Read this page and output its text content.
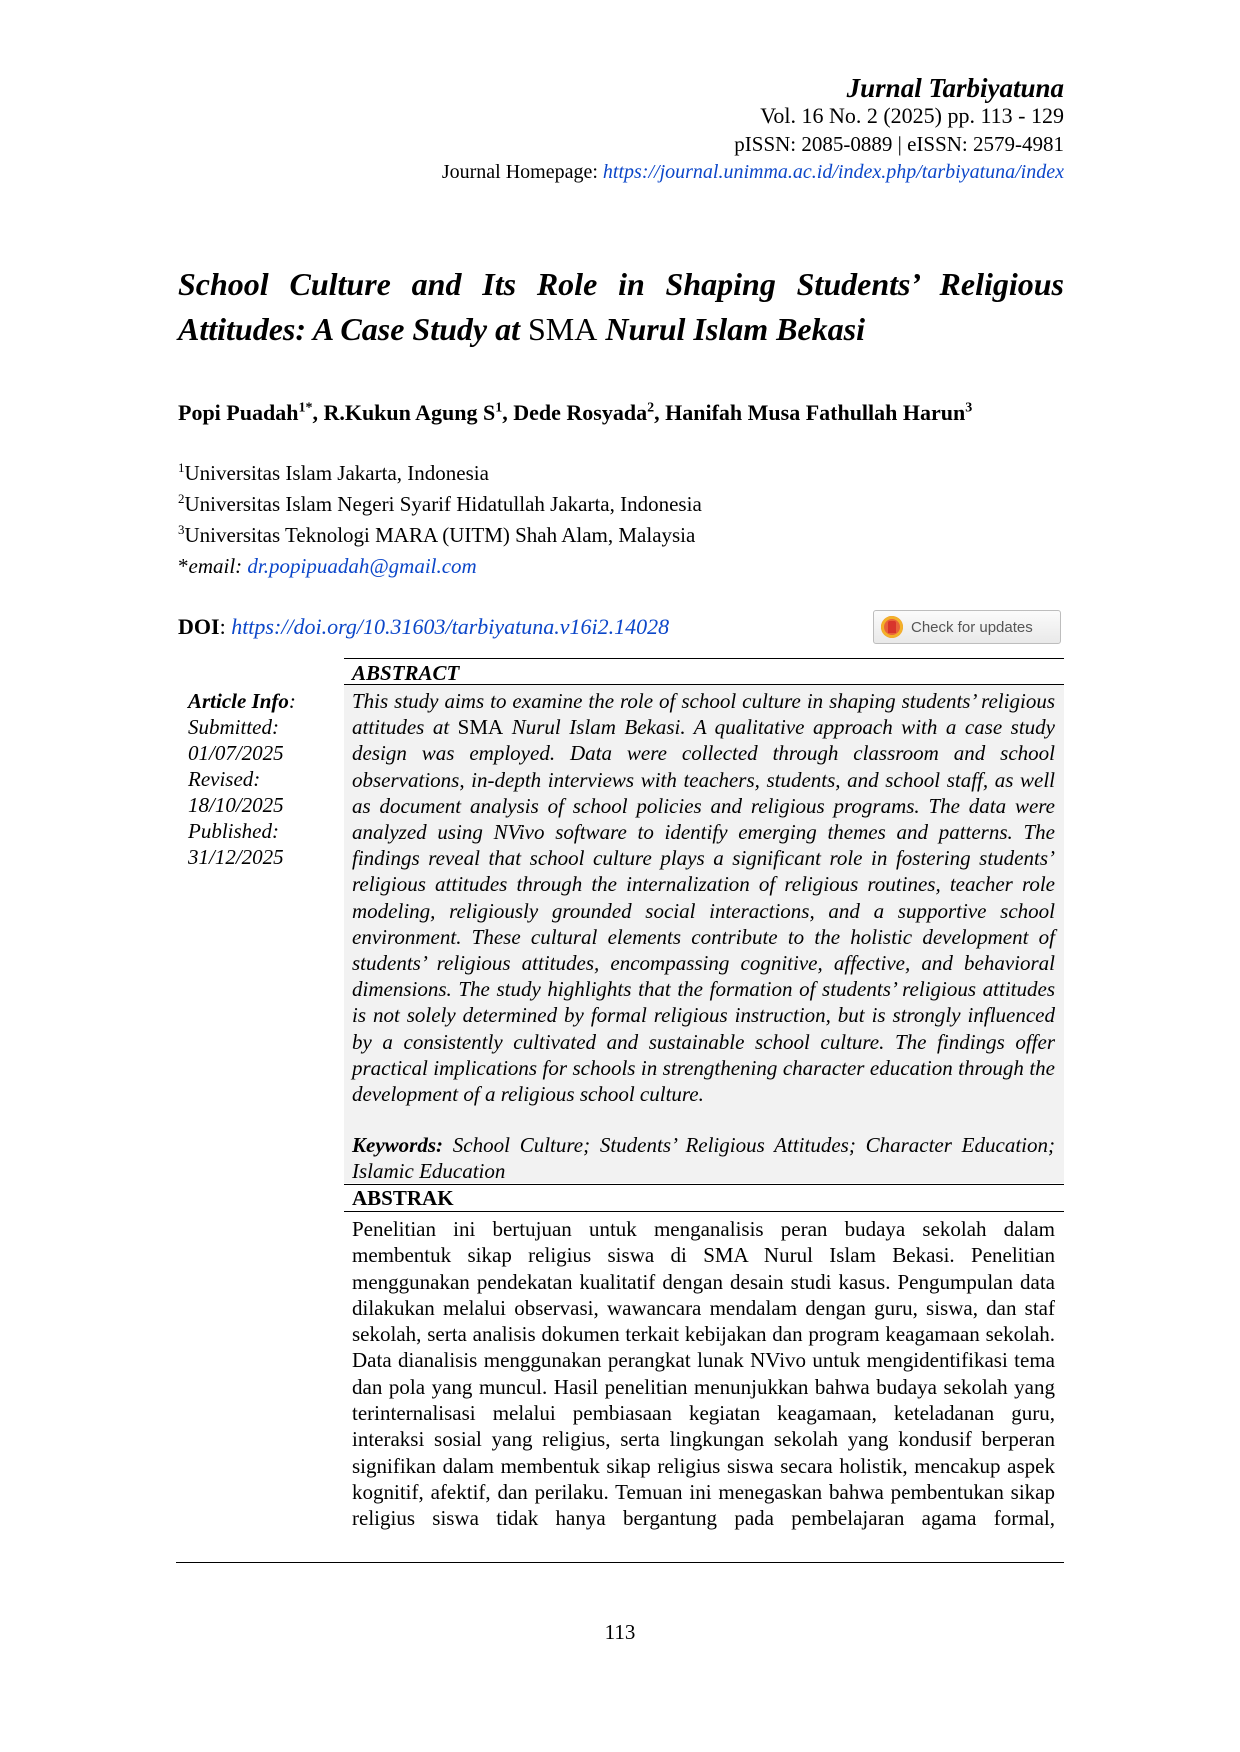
Jurnal Tarbiyatuna
Vol. 16 No. 2 (2025) pp. 113 - 129
pISSN: 2085-0889 | eISSN: 2579-4981
Journal Homepage: https://journal.unimma.ac.id/index.php/tarbiyatuna/index
School Culture and Its Role in Shaping Students’ Religious Attitudes: A Case Study at SMA Nurul Islam Bekasi
Popi Puadah$^{1*}$, R.Kukun Agung $S^1$, Dede Rosyada$^2$, Hanifah Musa Fathullah Harun$^3$
$^1$Universitas Islam Jakarta, Indonesia
$^2$Universitas Islam Negeri Syarif Hidatullah Jakarta, Indonesia
$^3$Universitas Teknologi MARA (UITM) Shah Alam, Malaysia
*email: dr.popipuadah@gmail.com
DOI: https://doi.org/10.31603/tarbiyatuna.v16i2.14028	Check for updates
Article Info:
Submitted:
01/07/2025
Revised:
18/10/2025
Published:
31/12/2025
ABSTRACT
This study aims to examine the role of school culture in shaping students’ religious attitudes at SMA Nurul Islam Bekasi. A qualitative approach with a case study design was employed. Data were collected through classroom and school observations, in-depth interviews with teachers, students, and school staff, as well as document analysis of school policies and religious programs. The data were analyzed using NVivo software to identify emerging themes and patterns. The findings reveal that school culture plays a significant role in fostering students’ religious attitudes through the internalization of religious routines, teacher role modeling, religiously grounded social interactions, and a supportive school environment. These cultural elements contribute to the holistic development of students’ religious attitudes, encompassing cognitive, affective, and behavioral dimensions. The study highlights that the formation of students’ religious attitudes is not solely determined by formal religious instruction, but is strongly influenced by a consistently cultivated and sustainable school culture. The findings offer practical implications for schools in strengthening character education through the development of a religious school culture.
Keywords: School Culture; Students’ Religious Attitudes; Character Education; Islamic Education
ABSTRAK
Penelitian ini bertujuan untuk menganalisis peran budaya sekolah dalam membentuk sikap religius siswa di SMA Nurul Islam Bekasi. Penelitian menggunakan pendekatan kualitatif dengan desain studi kasus. Pengumpulan data dilakukan melalui observasi, wawancara mendalam dengan guru, siswa, dan staf sekolah, serta analisis dokumen terkait kebijakan dan program keagamaan sekolah. Data dianalisis menggunakan perangkat lunak NVivo untuk mengidentifikasi tema dan pola yang muncul. Hasil penelitian menunjukkan bahwa budaya sekolah yang terinternalisasi melalui pembiasaan kegiatan keagamaan, keteladanan guru, interaksi sosial yang religius, serta lingkungan sekolah yang kondusif berperan signifikan dalam membentuk sikap religius siswa secara holistik, mencakup aspek kognitif, afektif, dan perilaku. Temuan ini menegaskan bahwa pembentukan sikap religius siswa tidak hanya bergantung pada pembelajaran agama formal,
113
